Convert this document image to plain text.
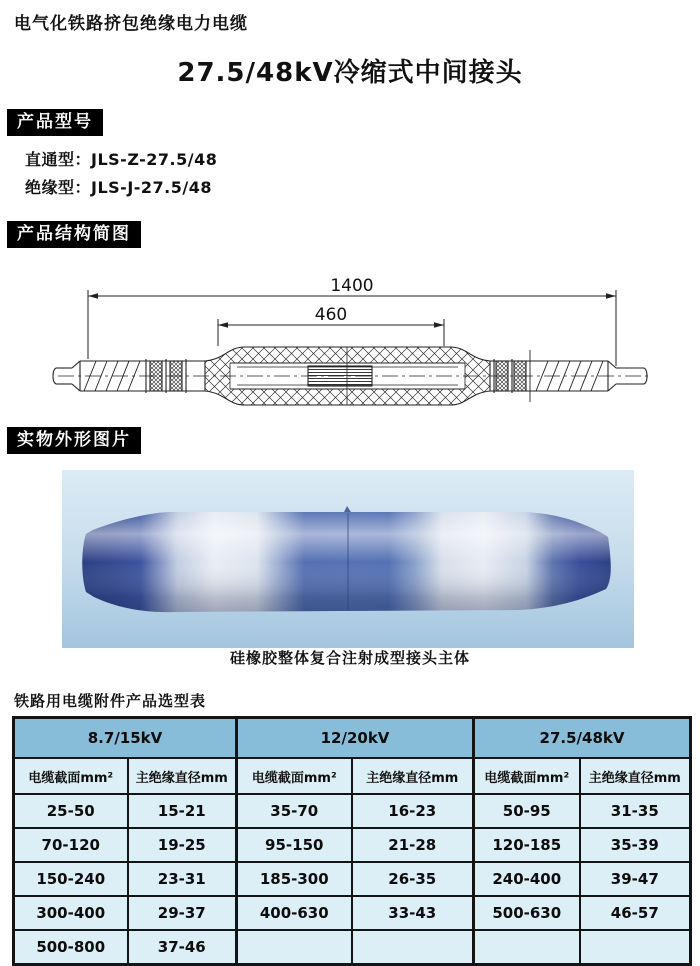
电气化铁路挤包绝缘电力电缆
27.5/48kV冷缩式中间接头
产品型号
直通型：JLS-Z-27.5/48
绝缘型：JLS-J-27.5/48
产品结构简图
1400
460
实物外形图片
硅橡胶整体复合注射成型接头主体
铁路用电缆附件产品选型表
8.7/15kV		12/20kV		27.5/48kV	
电缆截面mm²	主绝缘直径mm	电缆截面mm²	主绝缘直径mm	电缆截面mm²	主绝缘直径mm
25-50	15-21	35-70	16-23	50-95	31-35
70-120	19-25	95-150	21-28	120-185	35-39
150-240	23-31	185-300	26-35	240-400	39-47
300-400	29-37	400-630	33-43	500-630	46-57
500-800	37-46				
